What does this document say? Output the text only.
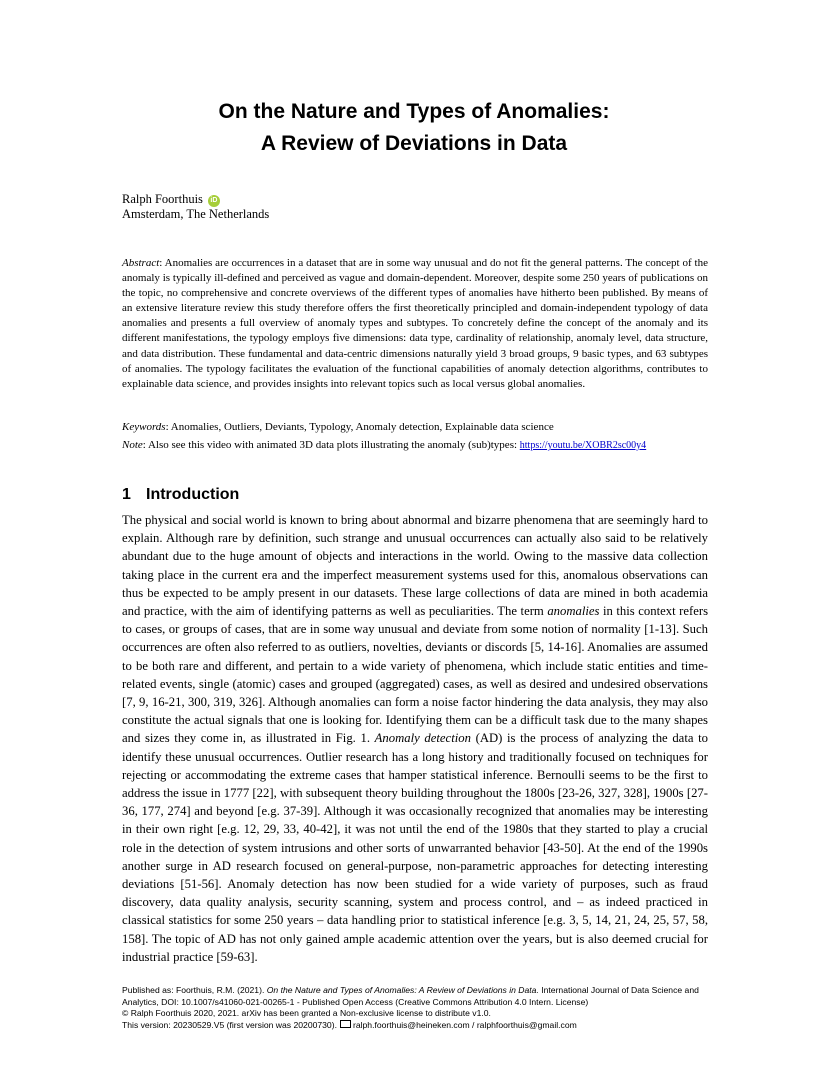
On the Nature and Types of Anomalies:
A Review of Deviations in Data
Ralph Foorthuis iD
Amsterdam, The Netherlands

Abstract: Anomalies are occurrences in a dataset that are in some way unusual and do not fit the general patterns. The concept of the anomaly is typically ill-defined and perceived as vague and domain-dependent. Moreover, despite some 250 years of publications on the topic, no comprehensive and concrete overviews of the different types of anomalies have hitherto been published. By means of an extensive literature review this study therefore offers the first theoretically principled and domain-independent typology of data anomalies and presents a full overview of anomaly types and subtypes. To concretely define the concept of the anomaly and its different manifestations, the typology employs five dimensions: data type, cardinality of relationship, anomaly level, data structure, and data distribution. These fundamental and data-centric dimensions naturally yield 3 broad groups, 9 basic types, and 63 subtypes of anomalies. The typology facilitates the evaluation of the functional capabilities of anomaly detection algorithms, contributes to explainable data science, and provides insights into relevant topics such as local versus global anomalies.

Keywords: Anomalies, Outliers, Deviants, Typology, Anomaly detection, Explainable data science
Note: Also see this video with animated 3D data plots illustrating the anomaly (sub)types: https://youtu.be/XOBR2sc00y4
1 Introduction

The physical and social world is known to bring about abnormal and bizarre phenomena that are seemingly hard to explain. Although rare by definition, such strange and unusual occurrences can actually also said to be relatively abundant due to the huge amount of objects and interactions in the world. Owing to the massive data collection taking place in the current era and the imperfect measurement systems used for this, anomalous observations can thus be expected to be amply present in our datasets. These large collections of data are mined in both academia and practice, with the aim of identifying patterns as well as peculiarities. The term anomalies in this context refers to cases, or groups of cases, that are in some way unusual and deviate from some notion of normality [1-13]. Such occurrences are often also referred to as outliers, novelties, deviants or discords [5, 14-16]. Anomalies are assumed to be both rare and different, and pertain to a wide variety of phenomena, which include static entities and time-related events, single (atomic) cases and grouped (aggregated) cases, as well as desired and undesired observations [7, 9, 16-21, 300, 319, 326]. Although anomalies can form a noise factor hindering the data analysis, they may also constitute the actual signals that one is looking for. Identifying them can be a difficult task due to the many shapes and sizes they come in, as illustrated in Fig. 1. Anomaly detection (AD) is the process of analyzing the data to identify these unusual occurrences. Outlier research has a long history and traditionally focused on techniques for rejecting or accommodating the extreme cases that hamper statistical inference. Bernoulli seems to be the first to address the issue in 1777 [22], with subsequent theory building throughout the 1800s [23-26, 327, 328], 1900s [27-36, 177, 274] and beyond [e.g. 37-39]. Although it was occasionally recognized that anomalies may be interesting in their own right [e.g. 12, 29, 33, 40-42], it was not until the end of the 1980s that they started to play a crucial role in the detection of system intrusions and other sorts of unwarranted behavior [43-50]. At the end of the 1990s another surge in AD research focused on general-purpose, non-parametric approaches for detecting interesting deviations [51-56]. Anomaly detection has now been studied for a wide variety of purposes, such as fraud discovery, data quality analysis, security scanning, system and process control, and – as indeed practiced in classical statistics for some 250 years – data handling prior to statistical inference [e.g. 3, 5, 14, 21, 24, 25, 57, 58, 158]. The topic of AD has not only gained ample academic attention over the years, but is also deemed crucial for industrial practice [59-63].

Published as: Foorthuis, R.M. (2021). On the Nature and Types of Anomalies: A Review of Deviations in Data. International Journal of Data Science and Analytics, DOI: 10.1007/s41060-021-00265-1 - Published Open Access (Creative Commons Attribution 4.0 Intern. License)

© Ralph Foorthuis 2020, 2021. arXiv has been granted a Non-exclusive license to distribute v1.0.

This version: 20230529.V5 (first version was 20200730). ralph.foorthuis@heineken.com / ralphfoorthuis@gmail.com
